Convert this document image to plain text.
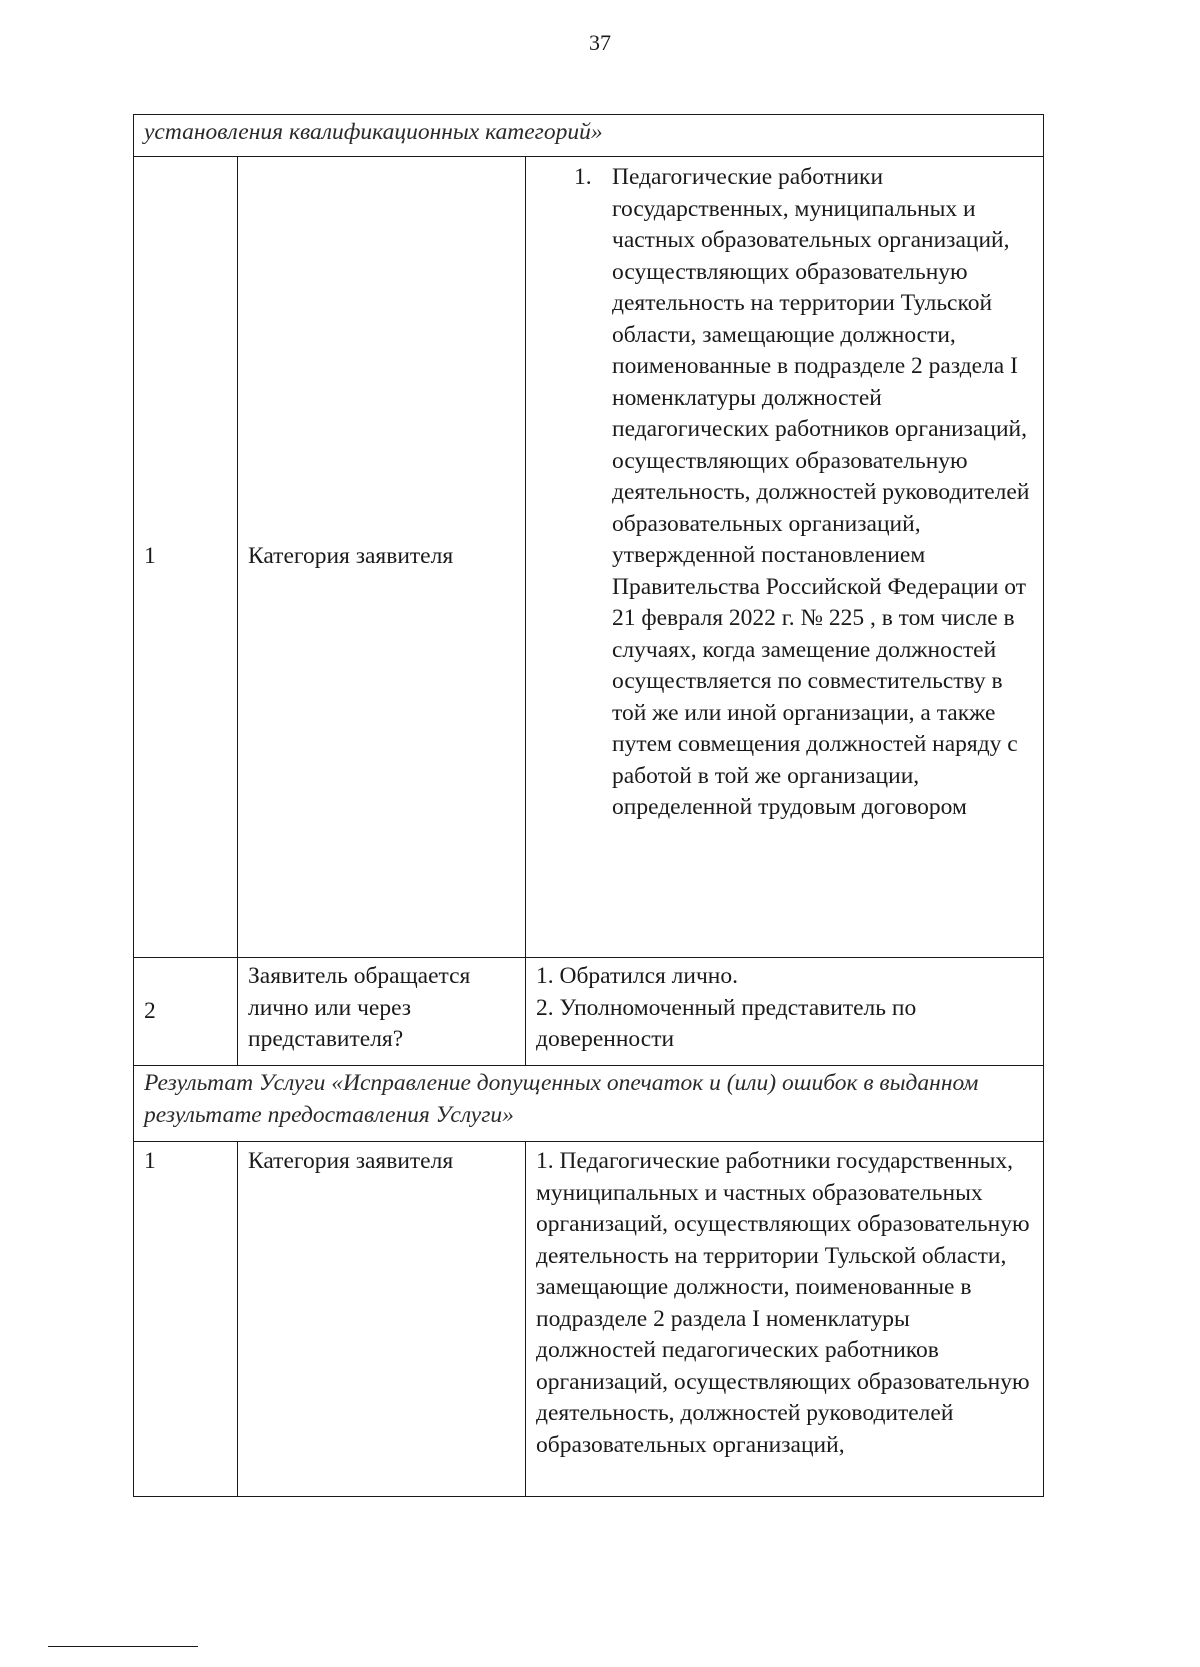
37
установления квалификационных категорий»		
1	Категория заявителя	1. Педагогические работники государственных, муниципальных и частных образовательных организаций, осуществляющих образовательную деятельность на территории Тульской области, замещающие должности, поименованные в подразделе 2 раздела I номенклатуры должностей педагогических работников организаций, осуществляющих образовательную деятельность, должностей руководителей образовательных организаций, утвержденной постановлением Правительства Российской Федерации от 21 февраля 2022 г. № 225 , в том числе в случаях, когда замещение должностей осуществляется по совместительству в той же или иной организации, а также путем совмещения должностей наряду с работой в той же организации, определенной трудовым договором

2	Заявитель обращается лично или через представителя?	1. Обратился лично.
2. Уполномоченный представитель по доверенности

Результат Услуги «Исправление допущенных опечаток и (или) ошибок в выданном результате предоставления Услуги»		
1	Категория заявителя	1. Педагогические работники государственных, муниципальных и частных образовательных организаций, осуществляющих образовательную деятельность на территории Тульской области, замещающие должности, поименованные в подразделе 2 раздела I номенклатуры должностей педагогических работников организаций, осуществляющих образовательную деятельность, должностей руководителей образовательных организаций,
